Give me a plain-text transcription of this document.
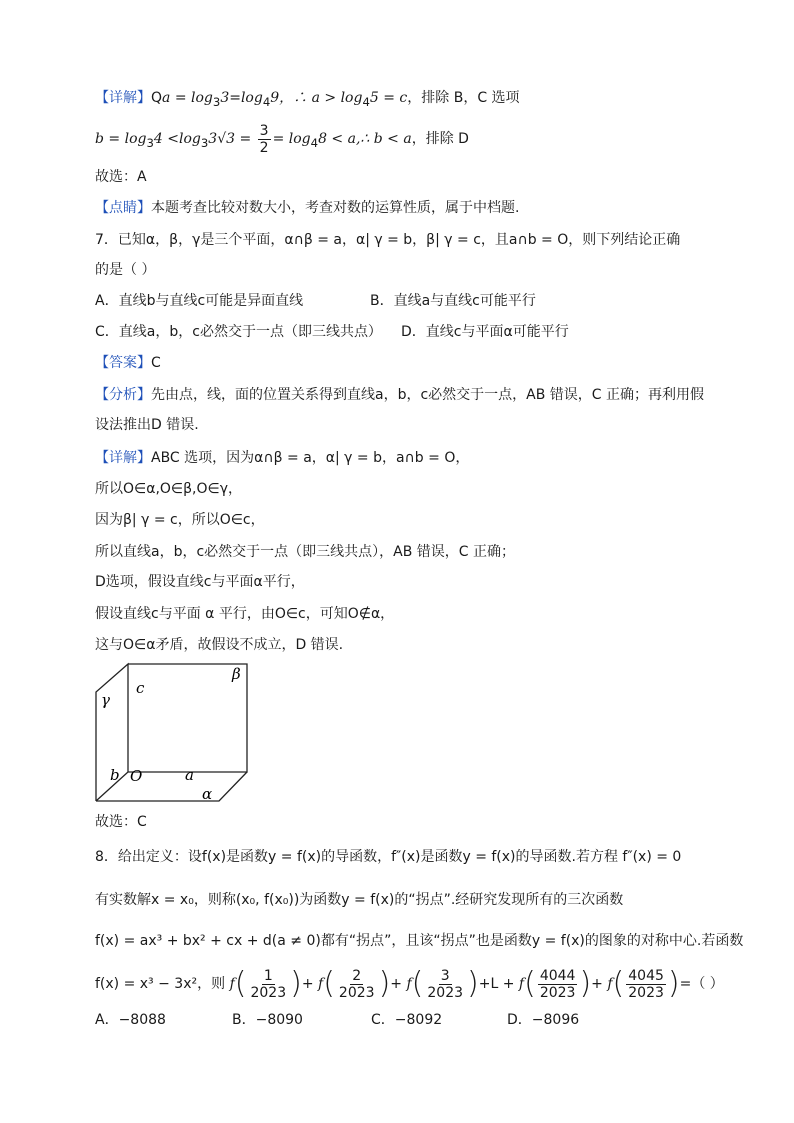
【详解】$Qa = \log_33=\log_49$，∴ $a > \log_45 = c$，排除 B，C 选项
$b = \log_34 <\log_33√3 = \frac{3}{2} = \log_48$ < a,∴ b < a，排除 D
故选：A
【点睛】本题考查比较对数大小，考查对数的运算性质，属于中档题.
7．已知α，β，γ是三个平面，α∩β = a，α| γ = b，β| γ = c，且a∩b = O，则下列结论正确
的是（ ）
A．直线b与直线c可能是异面直线	B．直线a与直线c可能平行
C．直线a，b，c必然交于一点（即三线共点） D．直线c与平面α可能平行
【答案】C
【分析】先由点，线，面的位置关系得到直线a，b，c必然交于一点，AB 错误，C 正确；再利用假
设法推出D 错误.
【详解】ABC 选项，因为α∩β = a，α| γ = b，a∩b = O，
所以O∈α,O∈β,O∈γ，
因为β| γ = c，所以O∈c，
所以直线a，b，c必然交于一点（即三线共点），AB 错误，C 正确；
D选项，假设直线c与平面α平行，
假设直线c与平面 α 平行，由O∈c，可知O∉α，
这与O∈α矛盾，故假设不成立，D 错误.
γ
c
β
b O	a
α
故选：C
8．给出定义：设f(x)是函数y = f(x)的导函数，f″(x)是函数y = f(x)的导函数.若方程 f″(x) = 0
有实数解x = x₀，则称(x₀, f(x₀))为函数y = f(x)的“拐点”.经研究发现所有的三次函数
f(x) = ax³ + bx² + cx + d(a ≠ 0)都有“拐点”，且该“拐点”也是函数y = f(x)的图象的对称中心.若函数
f(x) = x³ − 3x²，则 $f( \frac{1}{2023}$ )+ $f( \frac{2}{2023}$ )+ $f( \frac{3}{2023} )+L + f( \frac{4044}{2023}$ )+ $f( \frac{4045}{2023}$ )=（ ）
A．−8088	B．−8090	C．−8092	D．−8096
